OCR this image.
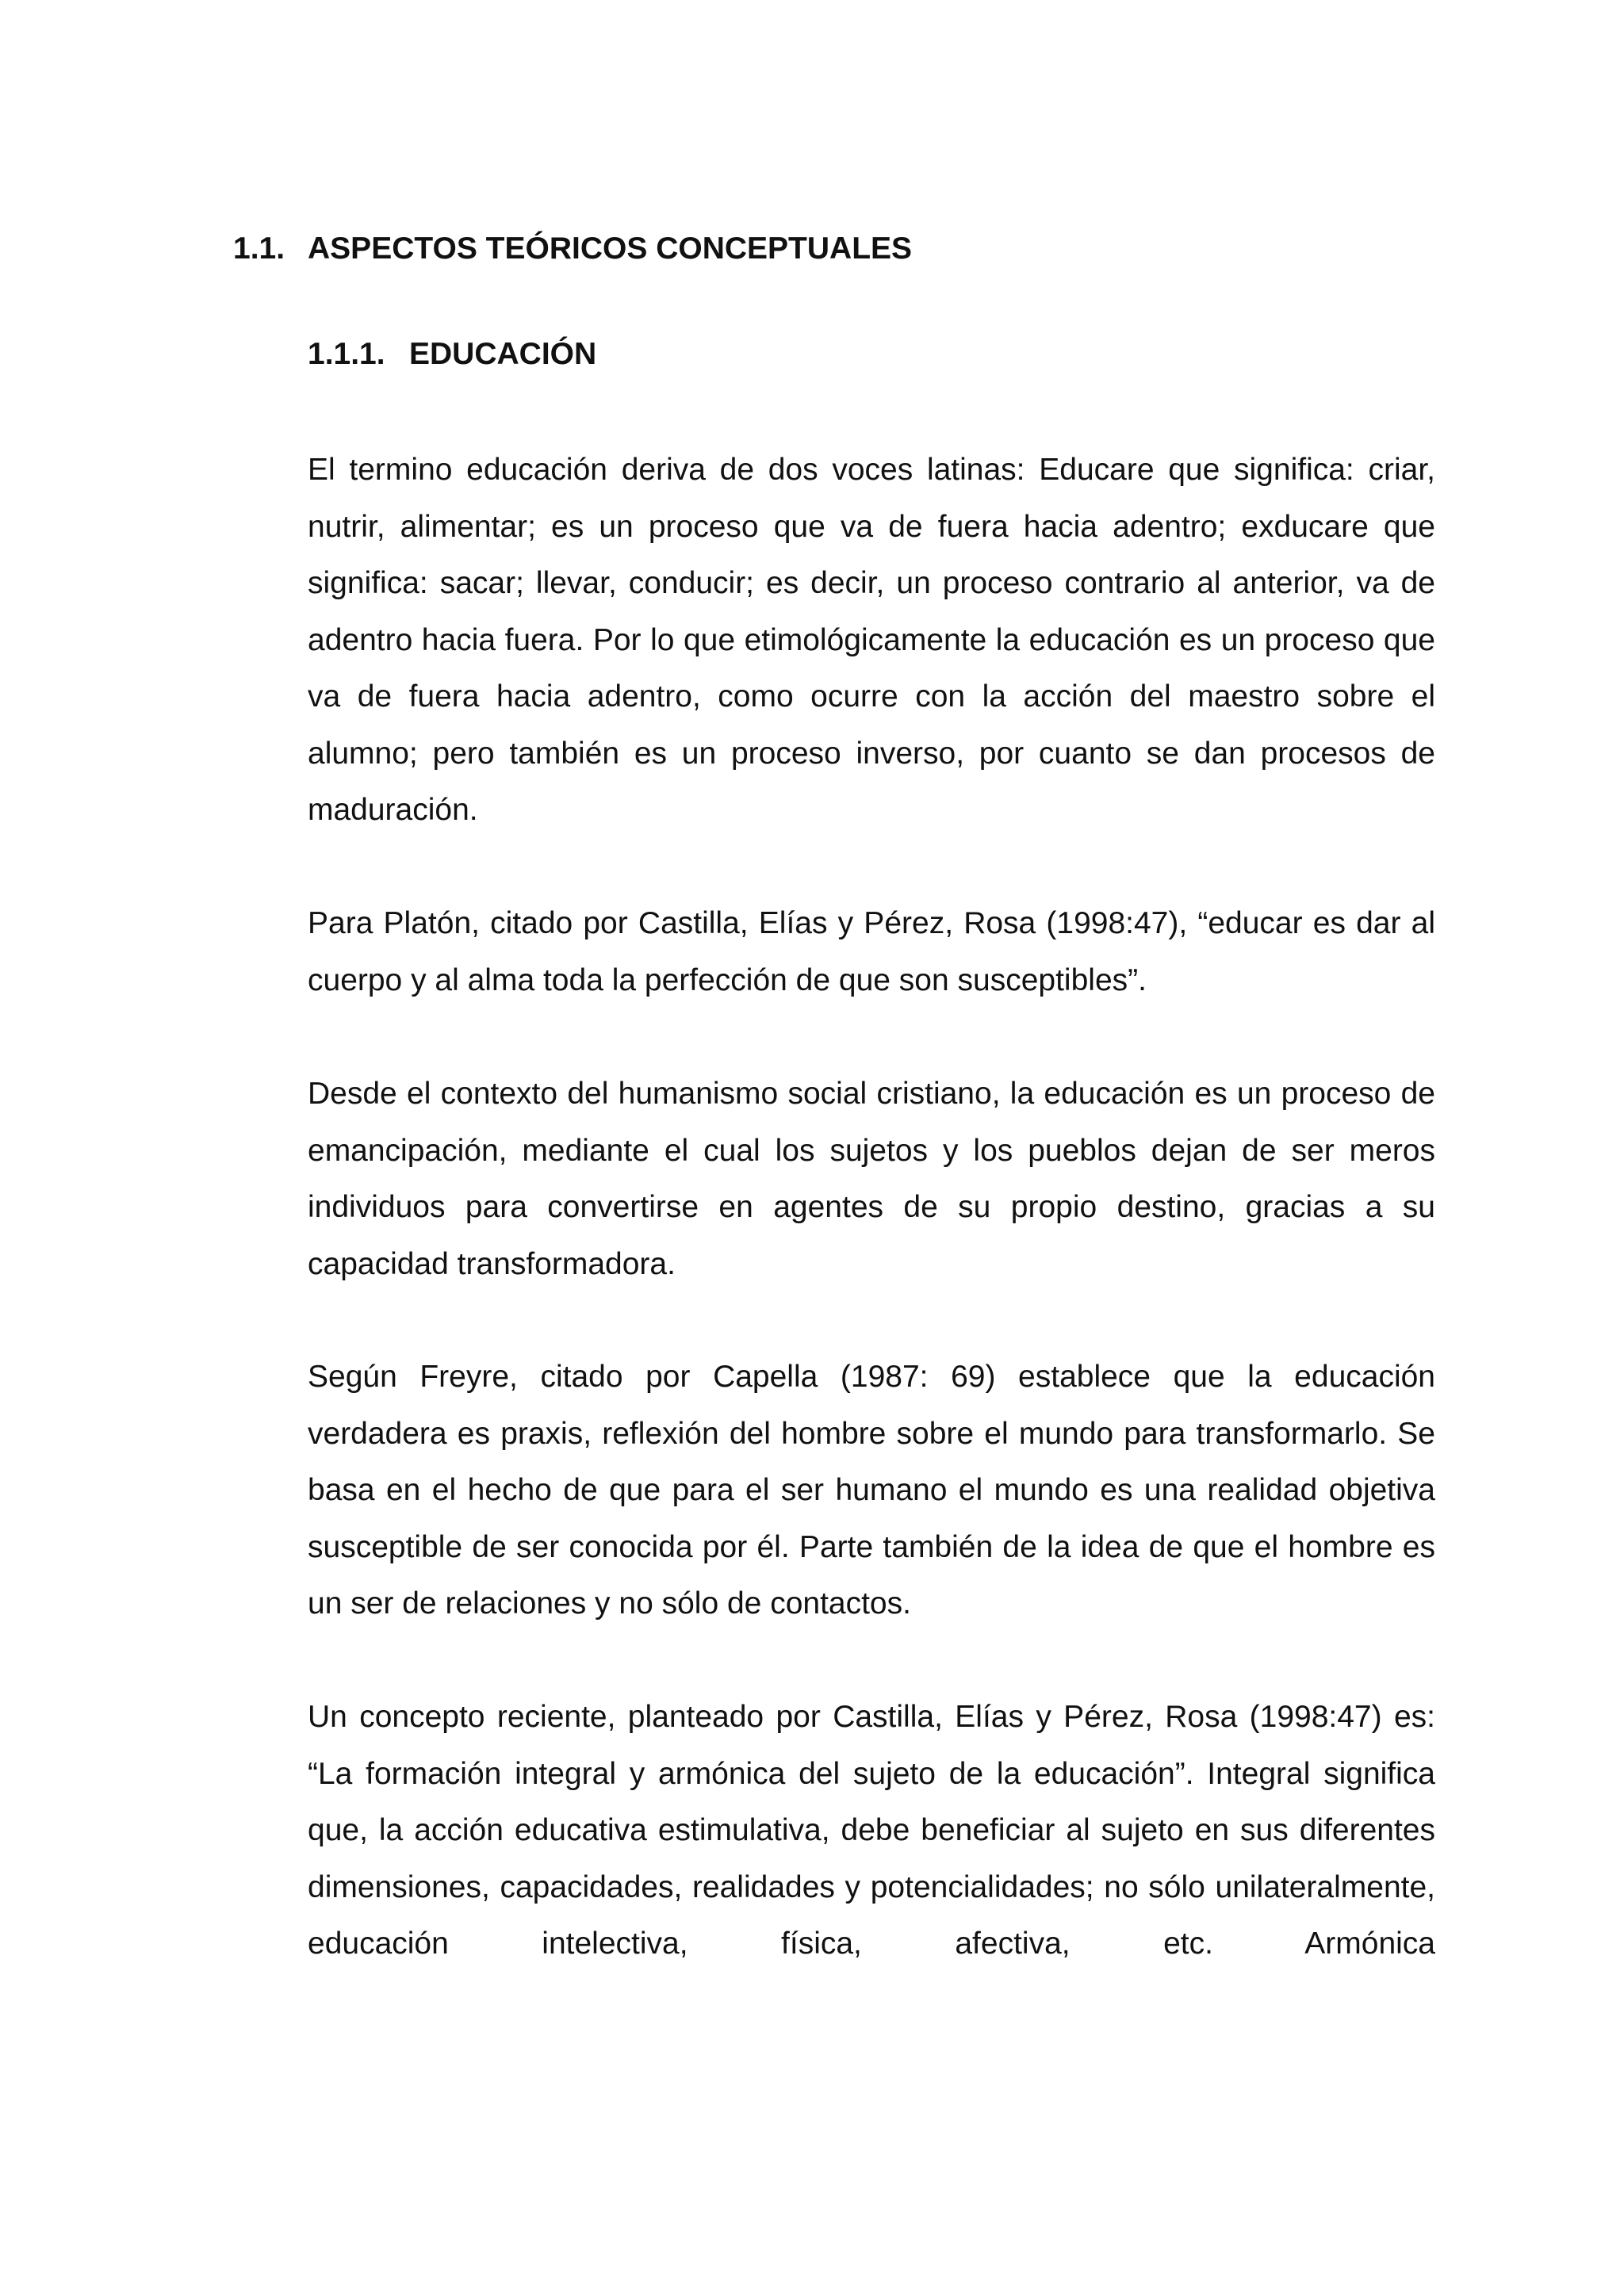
1.1. ASPECTOS TEÓRICOS CONCEPTUALES
1.1.1. EDUCACIÓN

El termino educación deriva de dos voces latinas: Educare que significa: criar, nutrir, alimentar; es un proceso que va de fuera hacia adentro; exducare que significa: sacar; llevar, conducir; es decir, un proceso contrario al anterior, va de adentro hacia fuera. Por lo que etimológicamente la educación es un proceso que va de fuera hacia adentro, como ocurre con la acción del maestro sobre el alumno; pero también es un proceso inverso, por cuanto se dan procesos de maduración.

Para Platón, citado por Castilla, Elías y Pérez, Rosa (1998:47), “educar es dar al cuerpo y al alma toda la perfección de que son susceptibles”.

Desde el contexto del humanismo social cristiano, la educación es un proceso de emancipación, mediante el cual los sujetos y los pueblos dejan de ser meros individuos para convertirse en agentes de su propio destino, gracias a su capacidad transformadora.

Según Freyre, citado por Capella (1987: 69) establece que la educación verdadera es praxis, reflexión del hombre sobre el mundo para transformarlo. Se basa en el hecho de que para el ser humano el mundo es una realidad objetiva susceptible de ser conocida por él. Parte también de la idea de que el hombre es un ser de relaciones y no sólo de contactos.

Un concepto reciente, planteado por Castilla, Elías y Pérez, Rosa (1998:47) es: “La formación integral y armónica del sujeto de la educación”. Integral significa que, la acción educativa estimulativa, debe beneficiar al sujeto en sus diferentes dimensiones, capacidades, realidades y potencialidades; no sólo unilateralmente, educación intelectiva, física, afectiva, etc. Armónica
